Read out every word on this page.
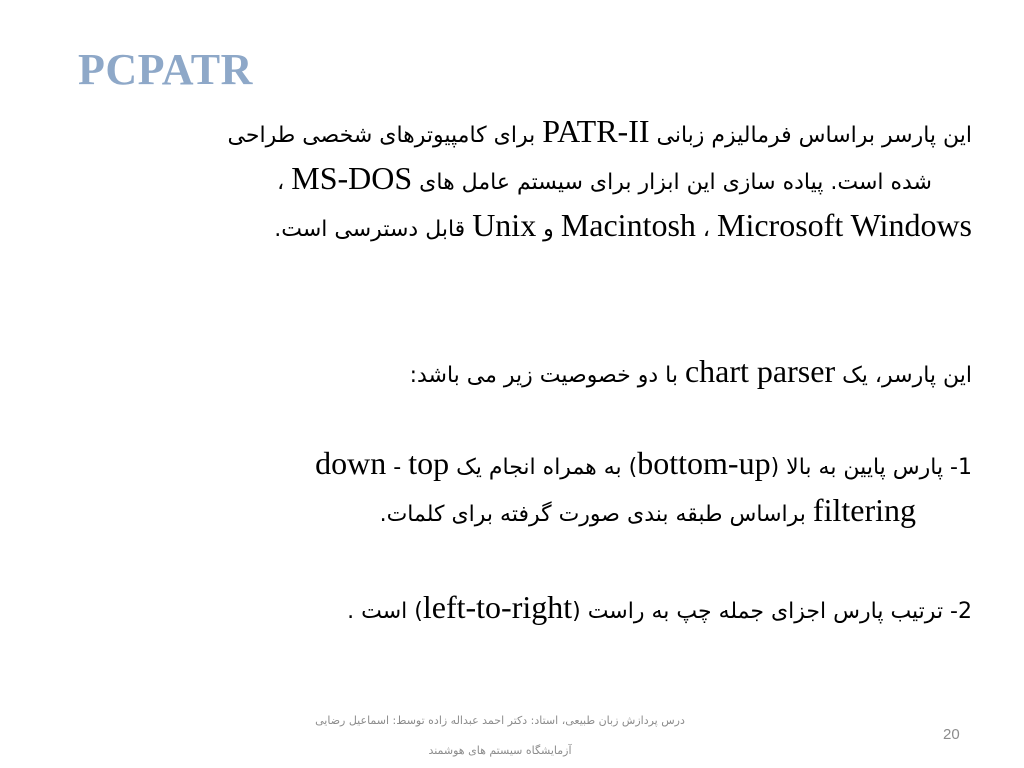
PCPATR
این پارسر براساس فرمالیزم زبانی PATR-II برای کامپیوترهای شخصی طراحی
شده است. پیاده سازی این ابزار برای سیستم عامل های MS-DOS ،
Microsoft Windows ، Macintosh و Unix قابل دسترسی است.
این پارسر، یک chart parser با دو خصوصیت زیر می باشد:
1- پارس پایین به بالا (bottom-up) به همراه انجام یک top - down
filtering براساس طبقه بندی صورت گرفته برای کلمات.
2- ترتیب پارس اجزای جمله چپ به راست (left-to-right) است .
درس پردازش زبان طبیعی، استاد: دکتر احمد عبداله زاده توسط: اسماعیل رضایی
آزمایشگاه سیستم های هوشمند
20
